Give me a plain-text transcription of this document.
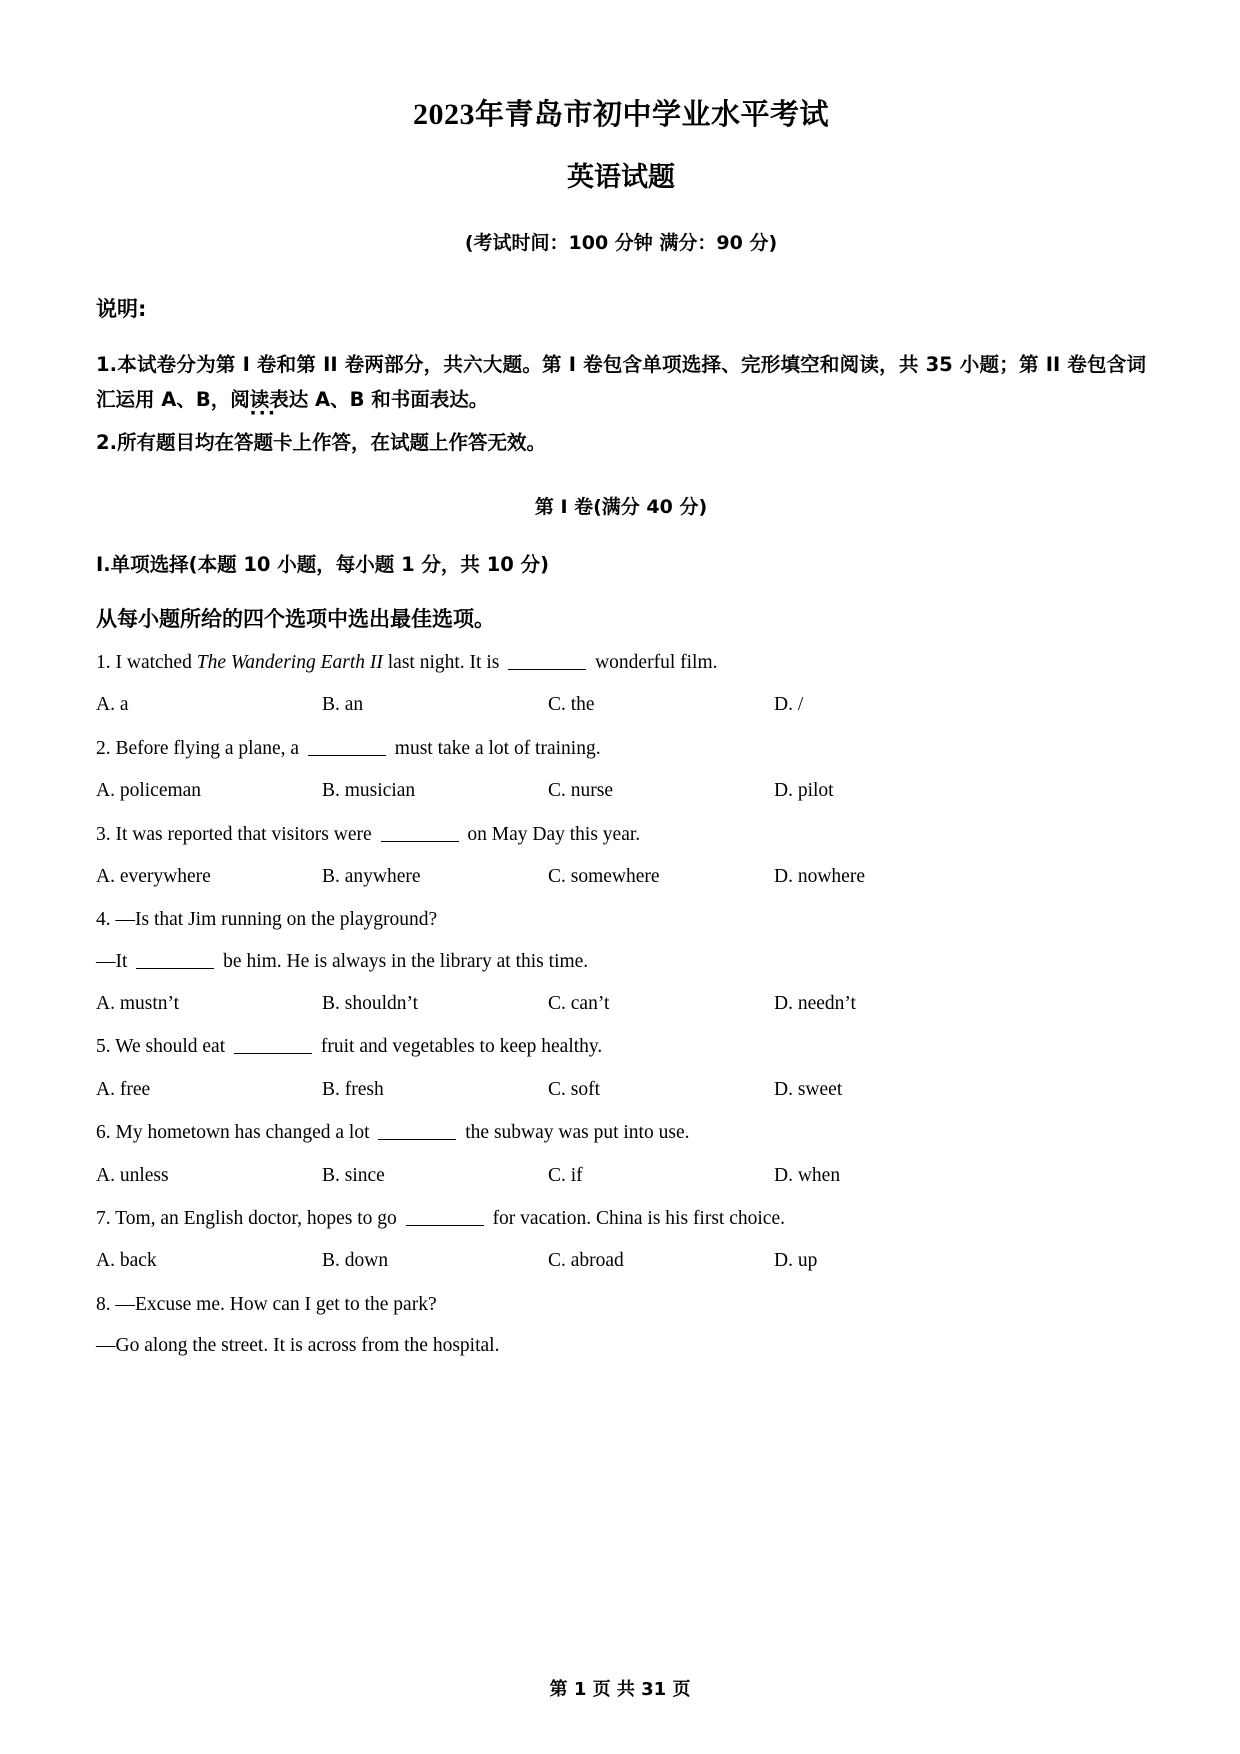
2023年青岛市初中学业水平考试
英语试题

(考试时间：100 分钟 满分：90 分)

说明:

1.本试卷分为第 I 卷和第 II 卷两部分，共六大题。第 I 卷包含单项选择、完形填空和阅读，共 35 小题；第 II 卷包含词汇运用 A、B，阅读表达 A、B 和书面表达。

2.所有题目均在··· 答题卡上作答，在试题上作答无效。

第 I 卷(满分 40 分)

I.单项选择(本题 10 小题，每小题 1 分，共 10 分)

从每小题所给的四个选项中选出最佳选项。

1. I watched The Wandering Earth II last night. It is	wonderful film.

A. a	B. an	C. the	D. /

2. Before flying a plane, a	must take a lot of training.

A. policeman	B. musician	C. nurse	D. pilot

3. It was reported that visitors were	on May Day this year.

A. everywhere	B. anywhere	C. somewhere	D. nowhere

4. —Is that Jim running on the playground?

—It	be him. He is always in the library at this time.

A. mustn’t	B. shouldn’t	C. can’t	D. needn’t

5. We should eat	fruit and vegetables to keep healthy.

A. free	B. fresh	C. soft	D. sweet

6. My hometown has changed a lot	the subway was put into use.

A. unless	B. since	C. if	D. when

7. Tom, an English doctor, hopes to go	for vacation. China is his first choice.

A. back	B. down	C. abroad	D. up

8. —Excuse me. How can I get to the park?

—Go along the street. It is across from the hospital.

第 1 页 共 31 页
